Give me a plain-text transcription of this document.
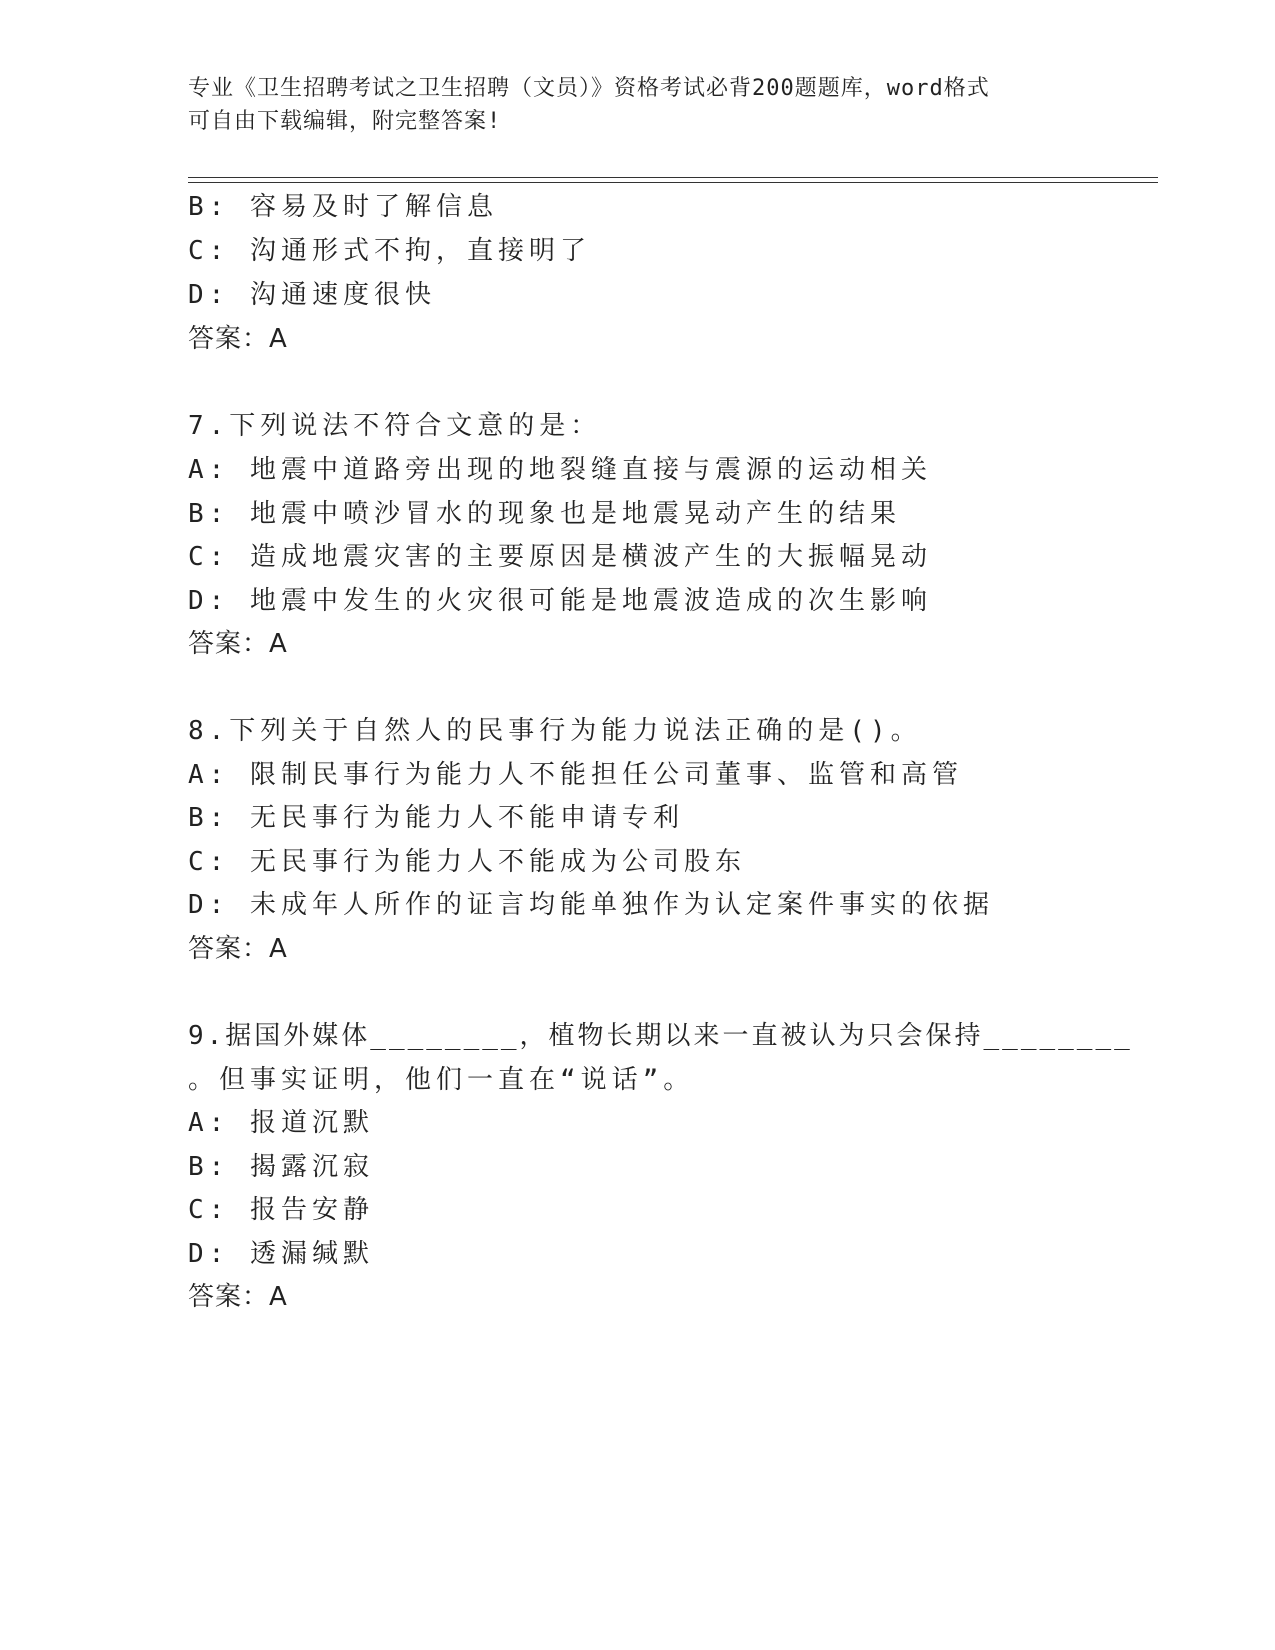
专业《卫生招聘考试之卫生招聘（文员）》资格考试必背200题题库，word格式
可自由下载编辑，附完整答案!
B: 容易及时了解信息
C: 沟通形式不拘，直接明了
D: 沟通速度很快
答案：A
7.下列说法不符合文意的是：
A: 地震中道路旁出现的地裂缝直接与震源的运动相关
B: 地震中喷沙冒水的现象也是地震晃动产生的结果
C: 造成地震灾害的主要原因是横波产生的大振幅晃动
D: 地震中发生的火灾很可能是地震波造成的次生影响
答案：A
8.下列关于自然人的民事行为能力说法正确的是()。
A: 限制民事行为能力人不能担任公司董事、监管和高管
B: 无民事行为能力人不能申请专利
C: 无民事行为能力人不能成为公司股东
D: 未成年人所作的证言均能单独作为认定案件事实的依据
答案：A
9.据国外媒体________，植物长期以来一直被认为只会保持________
。但事实证明，他们一直在“说话”。
A: 报道沉默
B: 揭露沉寂
C: 报告安静
D: 透漏缄默
答案：A
